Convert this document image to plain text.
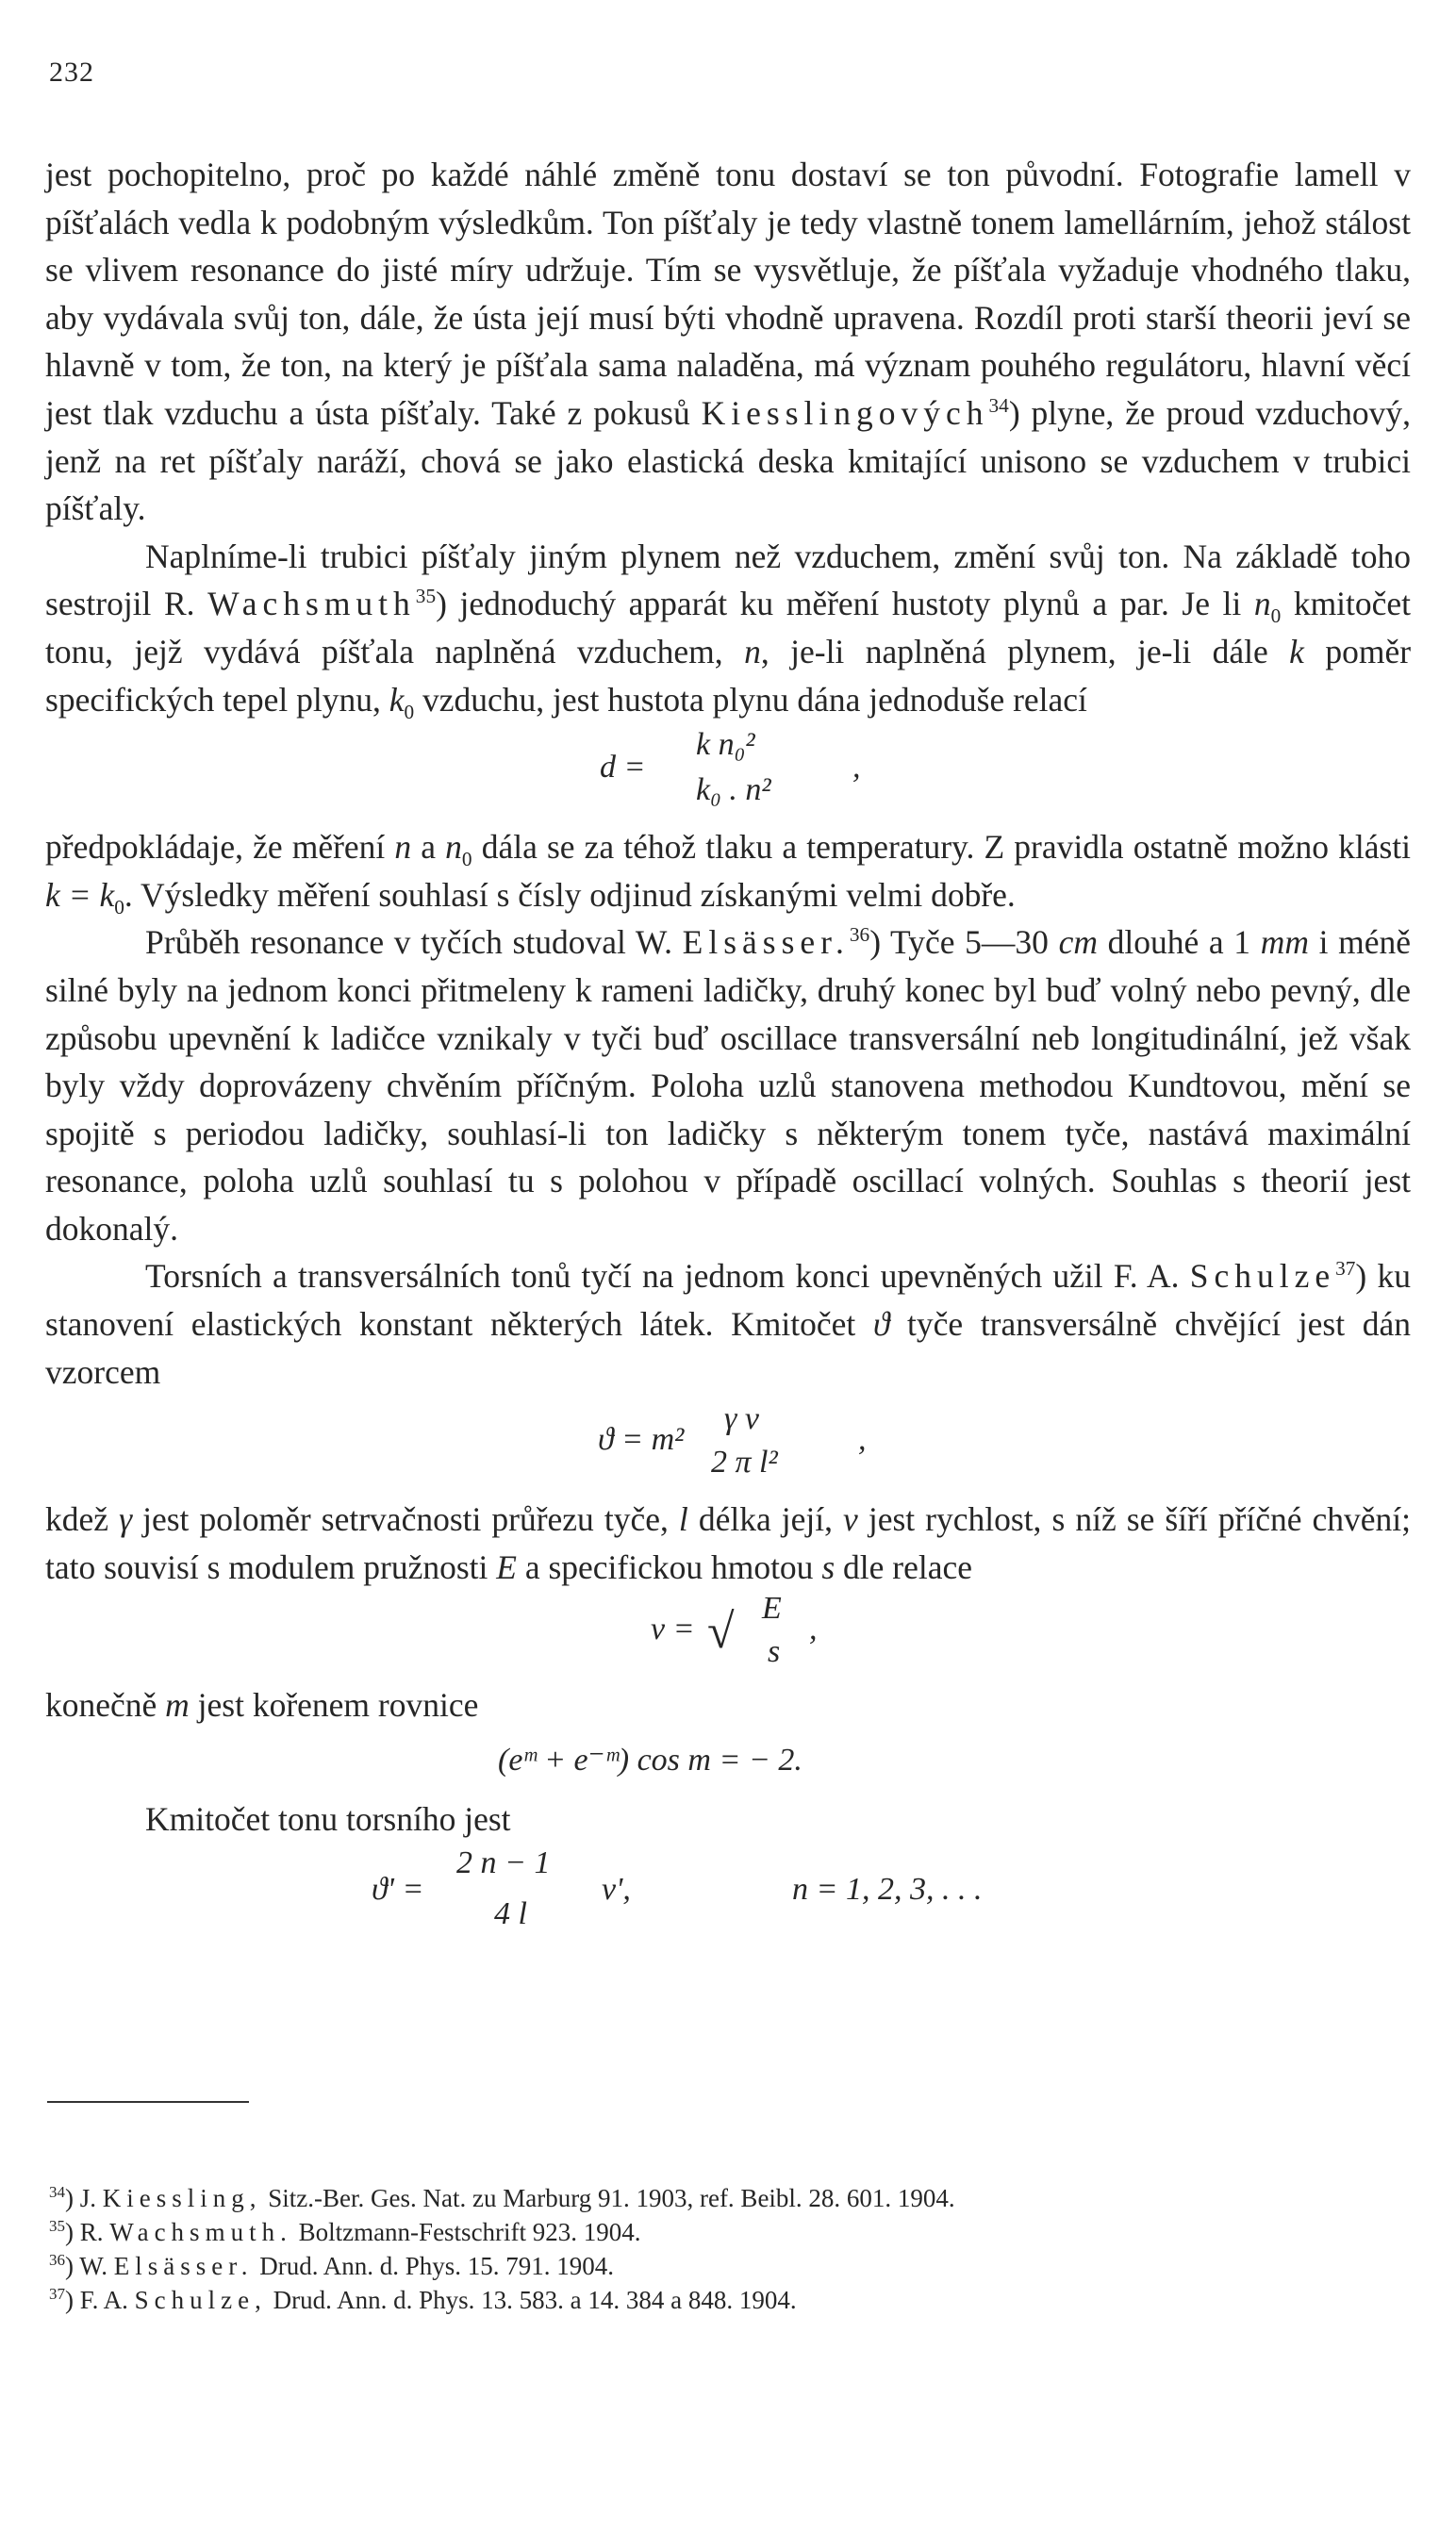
232

jest pochopitelno, proč po každé náhlé změně tonu dostaví se ton původní. Fotografie lamell v píšťalách vedla k podobným výsledkům. Ton píšťaly je tedy vlastně tonem lamellárním, jehož stálost se vlivem resonance do jisté míry udržuje. Tím se vysvětluje, že píšťala vyžaduje vhodného tlaku, aby vydávala svůj ton, dále, že ústa její musí býti vhodně upravena. Rozdíl proti starší theorii jeví se hlavně v tom, že ton, na který je píšťala sama naladěna, má význam pouhého regulátoru, hlavní věcí jest tlak vzduchu a ústa píšťaly. Také z pokusů Kiesslingových$^{34}$) plyne, že proud vzduchový, jenž na ret píšťaly naráží, chová se jako elastická deska kmitající unisono se vzduchem v trubici píšťaly.

Naplníme-li trubici píšťaly jiným plynem než vzduchem, změní svůj ton. Na základě toho sestrojil R. Wachsmuth$^{35}$) jednoduchý apparát ku měření hustoty plynů a par. Je li $n_0$ kmitočet tonu, jejž vydává píšťala naplněná vzduchem, n, je-li naplněná plynem, je-li dále k poměr specifických tepel plynu, $k_0$ vzduchu, jest hustota plynu dána jednoduše relací

d =
k n₀²
k₀ . n²
,

předpokládaje, že měření n a $n_0$ dála se za téhož tlaku a temperatury. Z pravidla ostatně možno klásti $k = k_0$. Výsledky měření souhlasí s čísly odjinud získanými velmi dobře.

Průběh resonance v tyčích studoval W. Elsässer.$^{36}$) Tyče 5—30 cm dlouhé a 1 mm i méně silné byly na jednom konci přitmeleny k rameni ladičky, druhý konec byl buď volný nebo pevný, dle způsobu upevnění k ladičce vznikaly v tyči buď oscillace transversální neb longitudinální, jež však byly vždy doprovázeny chvěním příčným. Poloha uzlů stanovena methodou Kundtovou, mění se spojitě s periodou ladičky, souhlasí-li ton ladičky s některým tonem tyče, nastává maximální resonance, poloha uzlů souhlasí tu s polohou v případě oscillací volných. Souhlas s theorií jest dokonalý.

Torsních a transversálních tonů tyčí na jednom konci upevněných užil F. A. Schulze$^{37}$) ku stanovení elastických konstant některých látek. Kmitočet ϑ tyče transversálně chvějící jest dán vzorcem

ϑ = m²
γ v
2 π l²
,

kdež γ jest poloměr setrvačnosti průřezu tyče, l délka její, v jest rychlost, s níž se šíří příčné chvění; tato souvisí s modulem pružnosti E a specifickou hmotou s dle relace

v = √ E
s
,

konečně m jest kořenem rovnice

(eᵐ + e⁻ᵐ) cos m = − 2.

Kmitočet tonu torsního jest

ϑ' =
2 n − 1
4 l
v',	n = 1, 2, 3, . . .

$^{34}$) J. Kiessling, Sitz.-Ber. Ges. Nat. zu Marburg 91. 1903, ref. Beibl. 28. 601. 1904.

$^{35}$) R. Wachsmuth. Boltzmann-Festschrift 923. 1904.

$^{36}$) W. Elsässer. Drud. Ann. d. Phys. 15. 791. 1904.

$^{37}$) F. A. Schulze, Drud. Ann. d. Phys. 13. 583. a 14. 384 a 848. 1904.
